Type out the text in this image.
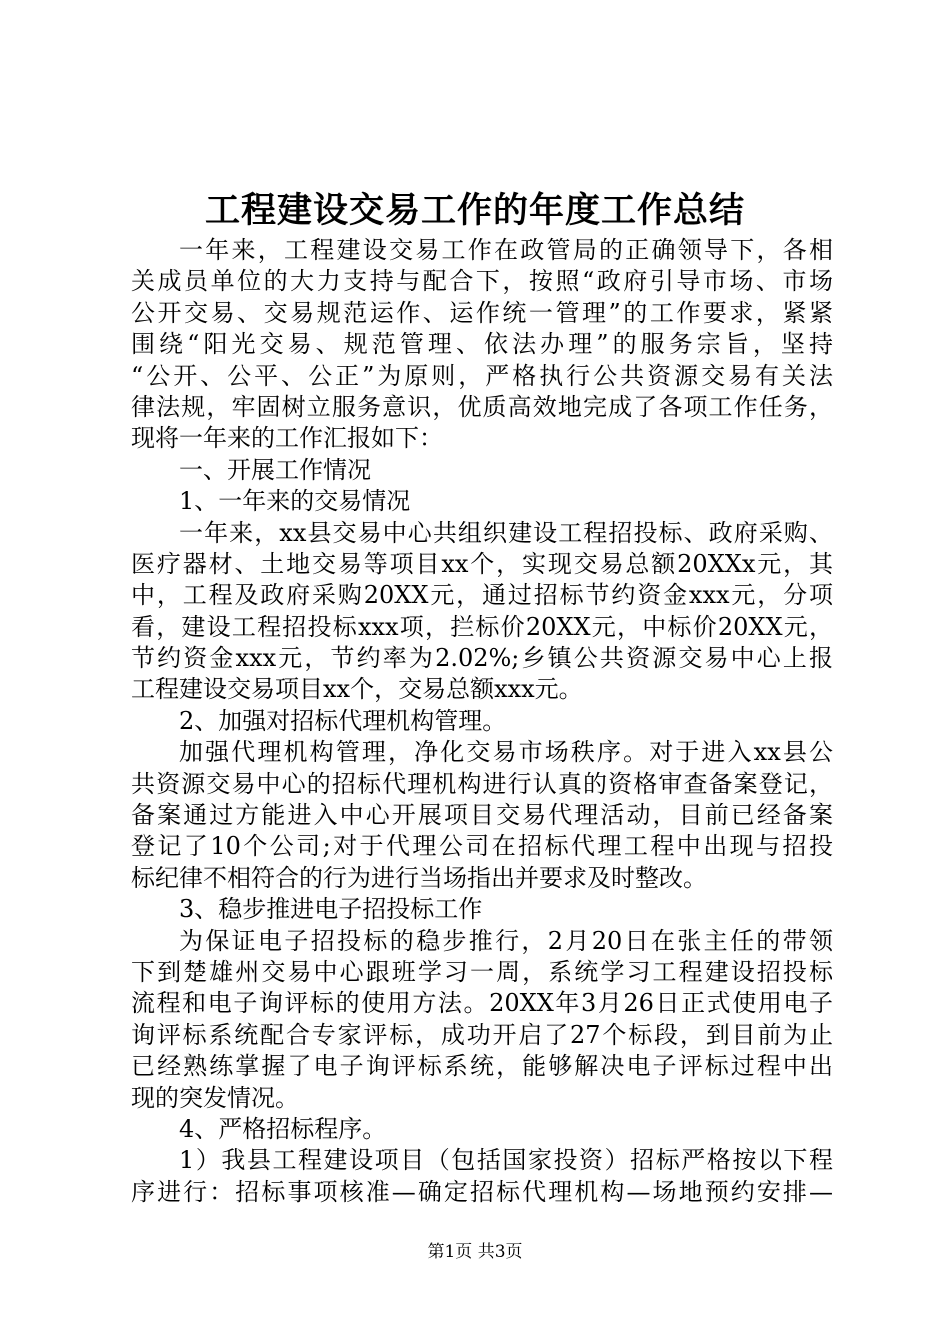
工程建设交易工作的年度工作总结
一年来，工程建设交易工作在政管局的正确领导下，各相
关成员单位的大力支持与配合下，按照“政府引导市场、市场
公开交易、交易规范运作、运作统一管理”的工作要求，紧紧
围绕“阳光交易、规范管理、依法办理”的服务宗旨，坚持
“公开、公平、公正”为原则，严格执行公共资源交易有关法
律法规，牢固树立服务意识，优质高效地完成了各项工作任务，
现将一年来的工作汇报如下：
一、开展工作情况
1、一年来的交易情况
一年来，xx县交易中心共组织建设工程招投标、政府采购、
医疗器材、土地交易等项目xx个，实现交易总额20XXx元，其
中，工程及政府采购20XX元，通过招标节约资金xxx元，分项
看，建设工程招投标xxx项，拦标价20XX元，中标价20XX元，
节约资金xxx元，节约率为2.02%;乡镇公共资源交易中心上报
工程建设交易项目xx个，交易总额xxx元。
2、加强对招标代理机构管理。
加强代理机构管理，净化交易市场秩序。对于进入xx县公
共资源交易中心的招标代理机构进行认真的资格审查备案登记，
备案通过方能进入中心开展项目交易代理活动，目前已经备案
登记了10个公司;对于代理公司在招标代理工程中出现与招投
标纪律不相符合的行为进行当场指出并要求及时整改。
3、稳步推进电子招投标工作
为保证电子招投标的稳步推行，2月20日在张主任的带领
下到楚雄州交易中心跟班学习一周，系统学习工程建设招投标
流程和电子询评标的使用方法。20XX年3月26日正式使用电子
询评标系统配合专家评标，成功开启了27个标段，到目前为止
已经熟练掌握了电子询评标系统，能够解决电子评标过程中出
现的突发情况。
4、严格招标程序。
1）我县工程建设项目（包括国家投资）招标严格按以下程
序进行：招标事项核准—确定招标代理机构—场地预约安排—
第1页 共3页
